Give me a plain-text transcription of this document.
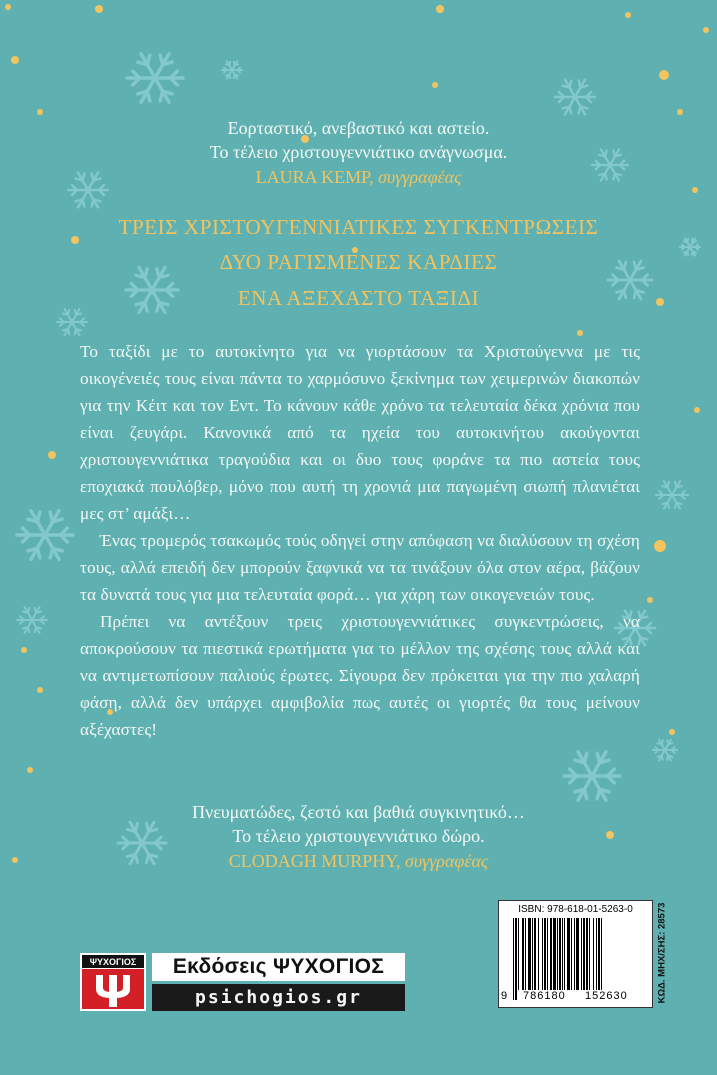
Εορταστικό, ανεβαστικό και αστείο.
Το τέλειο χριστουγεννιάτικο ανάγνωσμα.
LAURA KEMP, συγγραφέας
ΤΡΕΙΣ ΧΡΙΣΤΟΥΓΕΝΝΙΑΤΙΚΕΣ ΣΥΓΚΕΝΤΡΩΣΕΙΣ
ΔΥΟ ΡΑΓΙΣΜΕΝΕΣ ΚΑΡΔΙΕΣ
ΕΝΑ ΑΞΕΧΑΣΤΟ ΤΑΞΙΔΙ

Το ταξίδι με το αυτοκίνητο για να γιορτάσουν τα Χριστούγεννα με τις οικογένειές τους είναι πάντα το χαρμόσυνο ξεκίνημα των χειμερινών διακοπών για την Κέιτ και τον Εντ. Το κάνουν κάθε χρόνο τα τελευταία δέκα χρόνια που είναι ζευγάρι. Κανονικά από τα ηχεία του αυτοκινήτου ακούγονται χριστουγεννιάτικα τραγούδια και οι δυο τους φοράνε τα πιο αστεία τους εποχιακά πουλόβερ, μόνο που αυτή τη χρονιά μια παγωμένη σιωπή πλανιέται μες στ’ αμάξι…

Ένας τρομερός τσακωμός τούς οδηγεί στην απόφαση να διαλύσουν τη σχέση τους, αλλά επειδή δεν μπορούν ξαφνικά να τα τινάξουν όλα στον αέρα, βάζουν τα δυνατά τους για μια τελευταία φορά… για χάρη των οικογενειών τους.

Πρέπει να αντέξουν τρεις χριστουγεννιάτικες συγκεντρώσεις, να αποκρούσουν τα πιεστικά ερωτήματα για το μέλλον της σχέσης τους αλλά και να αντιμετωπίσουν παλιούς έρωτες. Σίγουρα δεν πρόκειται για την πιο χαλαρή φάση, αλλά δεν υπάρχει αμφιβολία πως αυτές οι γιορτές θα τους μείνουν αξέχαστες!

Πνευματώδες, ζεστό και βαθιά συγκινητικό…
Το τέλειο χριστουγεννιάτικο δώρο.
CLODAGH MURPHY, συγγραφέας
ΨΥΧΟΓΙΟΣ	Εκδόσεις ΨΥΧΟΓΙΟΣ
psichogios.gr
ISBN: 978-618-01-5263-0
9 786180 152630	ΚΩΔ. ΜΗΧ/ΣΗΣ: 28573
